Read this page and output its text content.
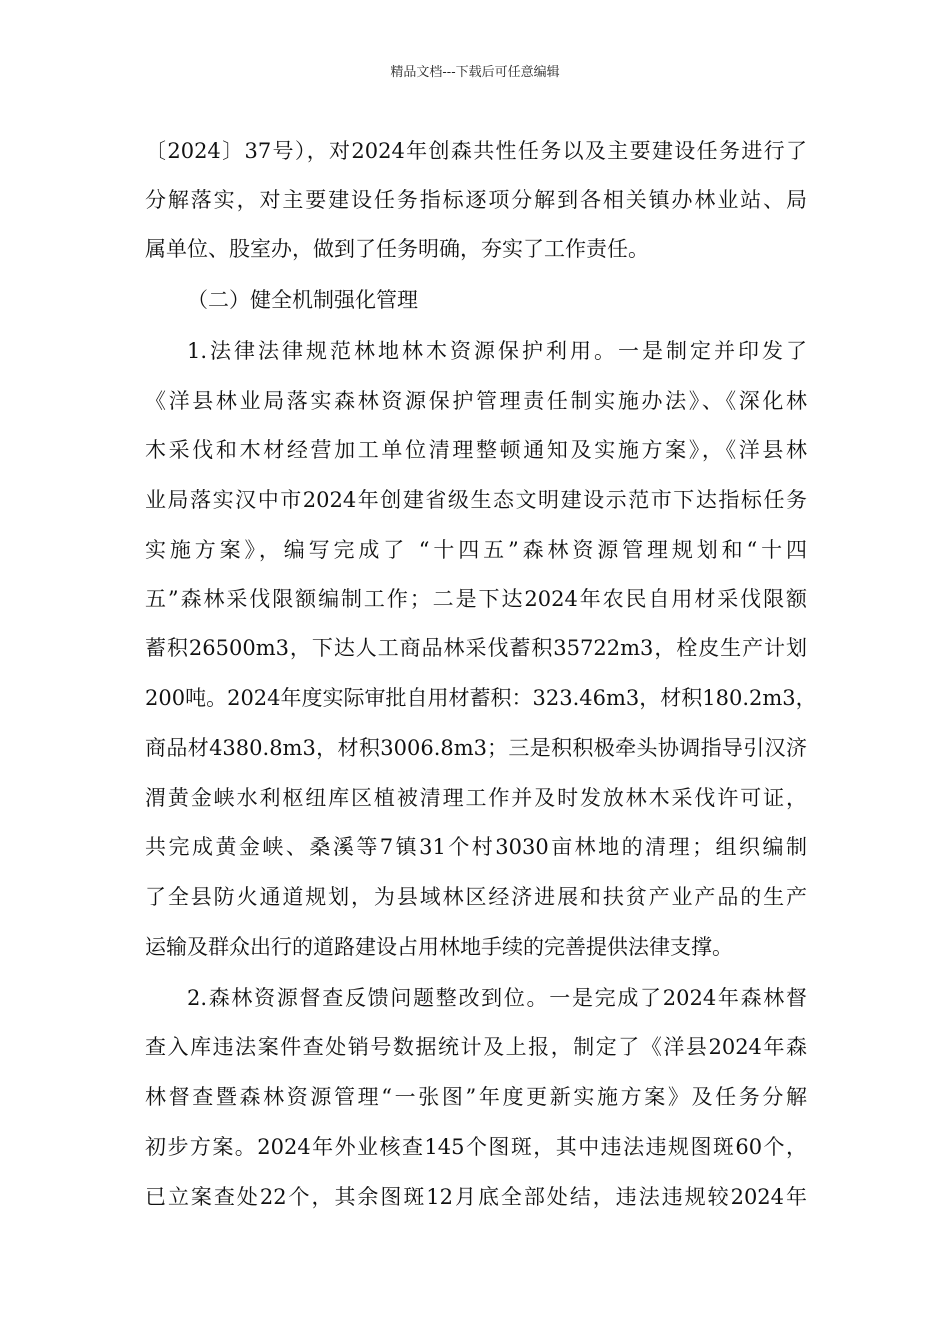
精品文档---下载后可任意编辑
〔2024〕37号），对2024年创森共性任务以及主要建设任务进行了
分解落实，对主要建设任务指标逐项分解到各相关镇办林业站、局
属单位、股室办，做到了任务明确，夯实了工作责任。
（二）健全机制强化管理
1.法律法律规范林地林木资源保护利用。一是制定并印发了
《洋县林业局落实森林资源保护管理责任制实施办法》、《深化林
木采伐和木材经营加工单位清理整顿通知及实施方案》，《洋县林
业局落实汉中市2024年创建省级生态文明建设示范市下达指标任务
实施方案》，编写完成了 “十四五”森林资源管理规划和“十四
五”森林采伐限额编制工作；二是下达2024年农民自用材采伐限额
蓄积26500m3，下达人工商品林采伐蓄积35722m3，栓皮生产计划
200吨。2024年度实际审批自用材蓄积：323.46m3，材积180.2m3，
商品材4380.8m3，材积3006.8m3；三是积积极牵头协调指导引汉济
渭黄金峡水利枢纽库区植被清理工作并及时发放林木采伐许可证，
共完成黄金峡、桑溪等7镇31个村3030亩林地的清理；组织编制
了全县防火通道规划，为县域林区经济进展和扶贫产业产品的生产
运输及群众出行的道路建设占用林地手续的完善提供法律支撑。
2.森林资源督查反馈问题整改到位。一是完成了2024年森林督
查入库违法案件查处销号数据统计及上报，制定了《洋县2024年森
林督查暨森林资源管理“一张图”年度更新实施方案》及任务分解
初步方案。2024年外业核查145个图斑，其中违法违规图斑60个，
已立案查处22个，其余图斑12月底全部处结，违法违规较2024年
